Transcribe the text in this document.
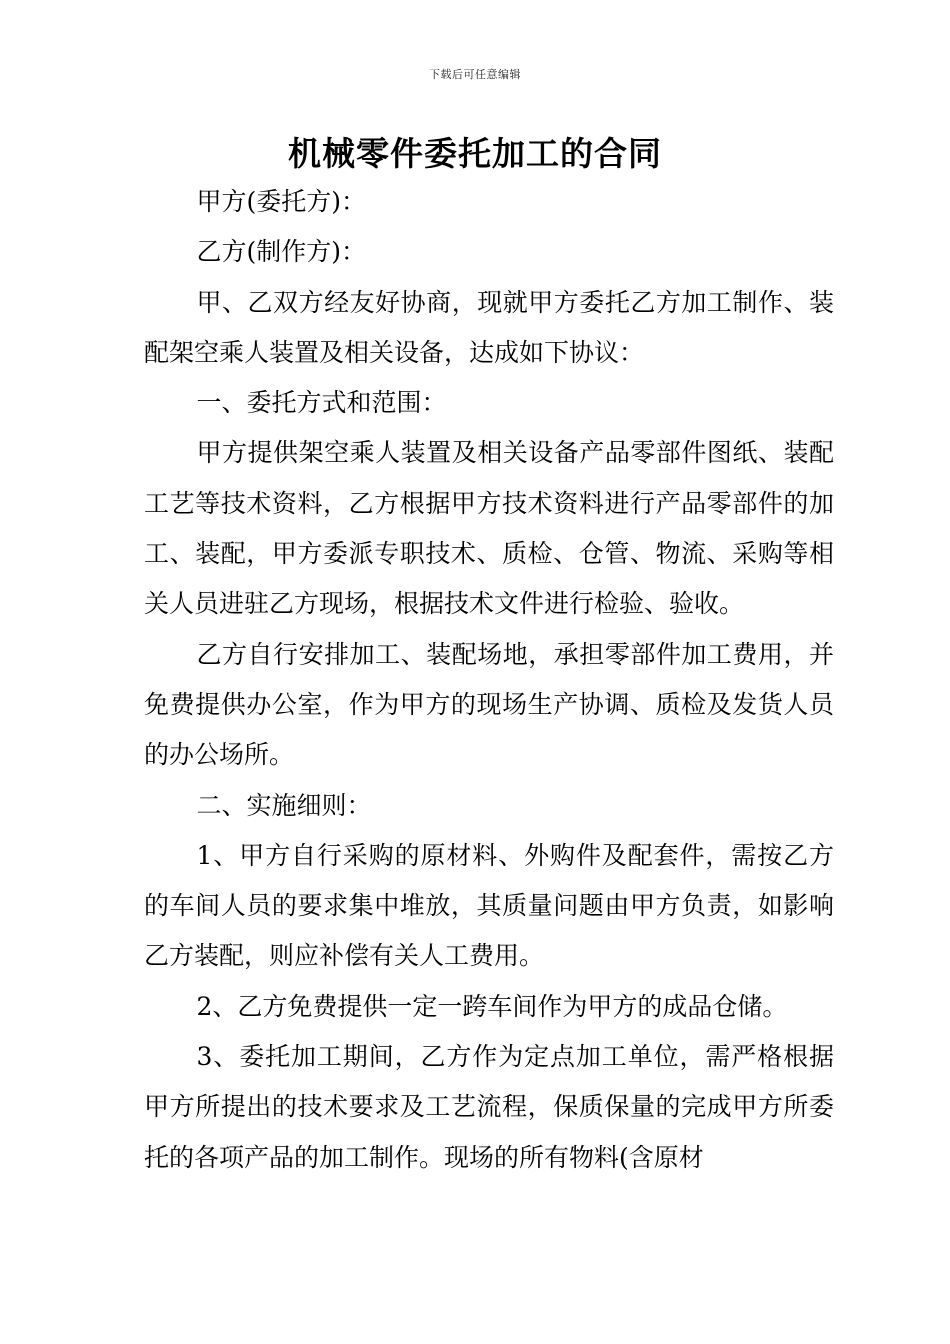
下载后可任意编辑
机械零件委托加工的合同

甲方(委托方)：

乙方(制作方)：

甲、乙双方经友好协商，现就甲方委托乙方加工制作、装配架空乘人装置及相关设备，达成如下协议：

一、委托方式和范围：

甲方提供架空乘人装置及相关设备产品零部件图纸、装配工艺等技术资料，乙方根据甲方技术资料进行产品零部件的加工、装配，甲方委派专职技术、质检、仓管、物流、采购等相关人员进驻乙方现场，根据技术文件进行检验、验收。

乙方自行安排加工、装配场地，承担零部件加工费用，并免费提供办公室，作为甲方的现场生产协调、质检及发货人员的办公场所。

二、实施细则：

1、甲方自行采购的原材料、外购件及配套件，需按乙方的车间人员的要求集中堆放，其质量问题由甲方负责，如影响乙方装配，则应补偿有关人工费用。

2、乙方免费提供一定一跨车间作为甲方的成品仓储。

3、委托加工期间，乙方作为定点加工单位，需严格根据甲方所提出的技术要求及工艺流程，保质保量的完成甲方所委托的各项产品的加工制作。现场的所有物料(含原材
